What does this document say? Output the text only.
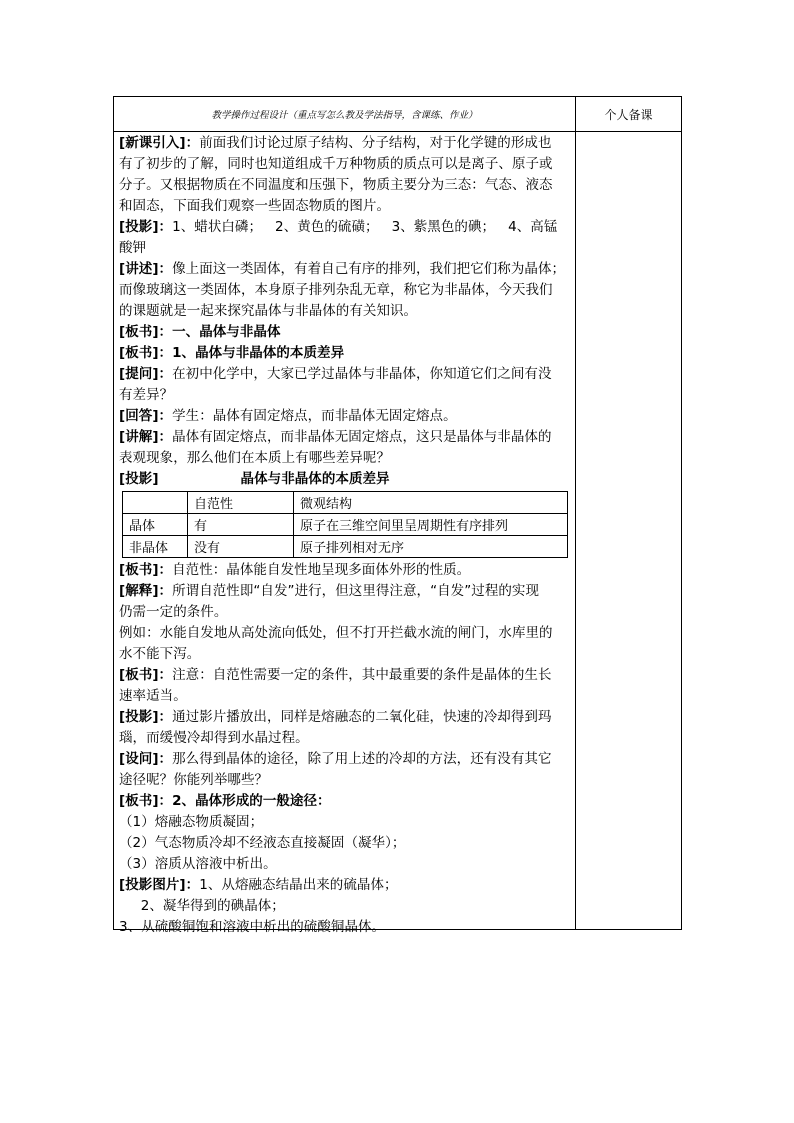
教学操作过程设计（重点写怎么教及学法指导，含课练、作业）	个人备课

[新课引入]：前面我们讨论过原子结构、分子结构，对于化学键的形成也

有了初步的了解，同时也知道组成千万种物质的质点可以是离子、原子或

分子。又根据物质在不同温度和压强下，物质主要分为三态：气态、液态

和固态，下面我们观察一些固态物质的图片。

[投影]：1、蜡状白磷；   2、黄色的硫磺；   3、紫黑色的碘；   4、高锰

酸钾

[讲述]：像上面这一类固体，有着自己有序的排列，我们把它们称为晶体；

而像玻璃这一类固体，本身原子排列杂乱无章，称它为非晶体，今天我们

的课题就是一起来探究晶体与非晶体的有关知识。

[板书]：一、晶体与非晶体

[板书]：1、晶体与非晶体的本质差异

[提问]：在初中化学中，大家已学过晶体与非晶体，你知道它们之间有没

有差异？

[回答]：学生：晶体有固定熔点，而非晶体无固定熔点。

[讲解]：晶体有固定熔点，而非晶体无固定熔点，这只是晶体与非晶体的

表观现象，那么他们在本质上有哪些差异呢？

[投影]	晶体与非晶体的本质差异

	自范性	微观结构
晶体	有	原子在三维空间里呈周期性有序排列
非晶体	没有	原子排列相对无序

[板书]：自范性：晶体能自发性地呈现多面体外形的性质。

[解释]：所谓自范性即“自发”进行，但这里得注意，“自发”过程的实现

仍需一定的条件。

例如：水能自发地从高处流向低处，但不打开拦截水流的闸门，水库里的

水不能下泻。

[板书]：注意：自范性需要一定的条件，其中最重要的条件是晶体的生长

速率适当。

[投影]：通过影片播放出，同样是熔融态的二氧化硅，快速的冷却得到玛

瑙，而缓慢冷却得到水晶过程。

[设问]：那么得到晶体的途径，除了用上述的冷却的方法，还有没有其它

途径呢？你能列举哪些？

[板书]：2、晶体形成的一般途径：

（1）熔融态物质凝固；

（2）气态物质冷却不经液态直接凝固（凝华）；

（3）溶质从溶液中析出。

[投影图片]：1、从熔融态结晶出来的硫晶体；

2、凝华得到的碘晶体；

3、从硫酸铜饱和溶液中析出的硫酸铜晶体。
